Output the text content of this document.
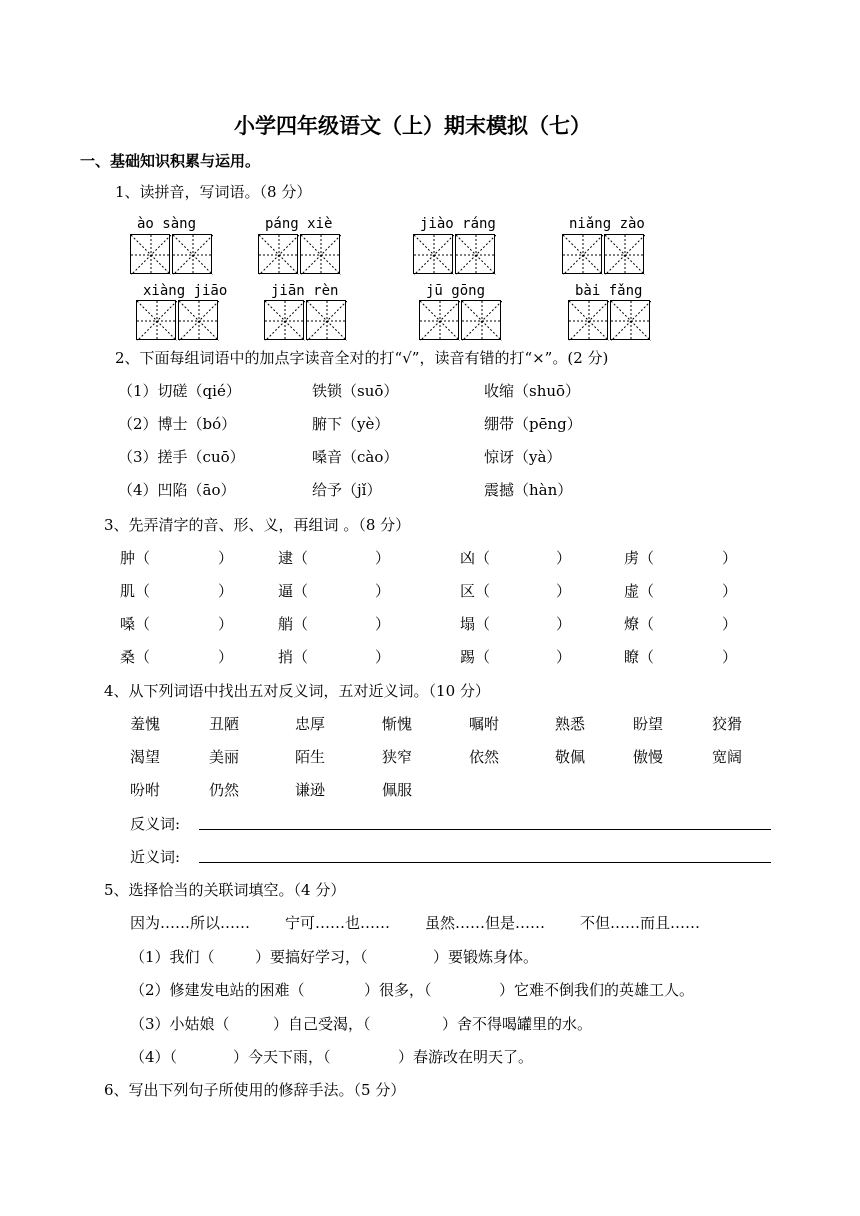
小学四年级语文（上）期末模拟（七）
一、基础知识积累与运用。
1、读拼音，写词语。（8 分）
ào sàng	páng xiè	jiào ráng	niǎng zào
xiàng jiāo	jiān rèn	jū gōng	bài fǎng
2、下面每组词语中的加点字读音全对的打“√”，读音有错的打“×”。(2 分)
（1）切磋（qié）	铁锁（suō）	收缩（shuō）
（2）博士（bó）	腑下（yè）	绷带（pēng）
（3）搓手（cuō）	嗓音（cào）	惊讶（yà）
（4）凹陷（āo）	给予（jǐ）	震撼（hàn）
3、先弄清字的音、形、义，再组词 。（8 分）
肿（	）	逮（	）	凶（	）	虏（	）
肌（	）	逼（	）	区（	）	虚（	）
嗓（	）	艄（	）	塌（	）	燎（	）
桑（	）	捎（	）	踢（	）	瞭（	）
4、从下列词语中找出五对反义词，五对近义词。（10 分）
羞愧	丑陋	忠厚	惭愧	嘱咐	熟悉	盼望	狡猾
渴望	美丽	陌生	狭窄	依然	敬佩	傲慢	宽阔
吩咐	仍然	谦逊	佩服
反义词:
近义词:
5、选择恰当的关联词填空。（4 分）
因为……所以…… 宁可……也…… 虽然……但是…… 不但……而且……
（1）我们（	）要搞好学习，（	）要锻炼身体。
（2）修建发电站的困难（	）很多，（	）它难不倒我们的英雄工人。
（3）小姑娘（	）自己受渴，（	）舍不得喝罐里的水。
（4）（	）今天下雨，（	）春游改在明天了。
6、写出下列句子所使用的修辞手法。（5 分）
